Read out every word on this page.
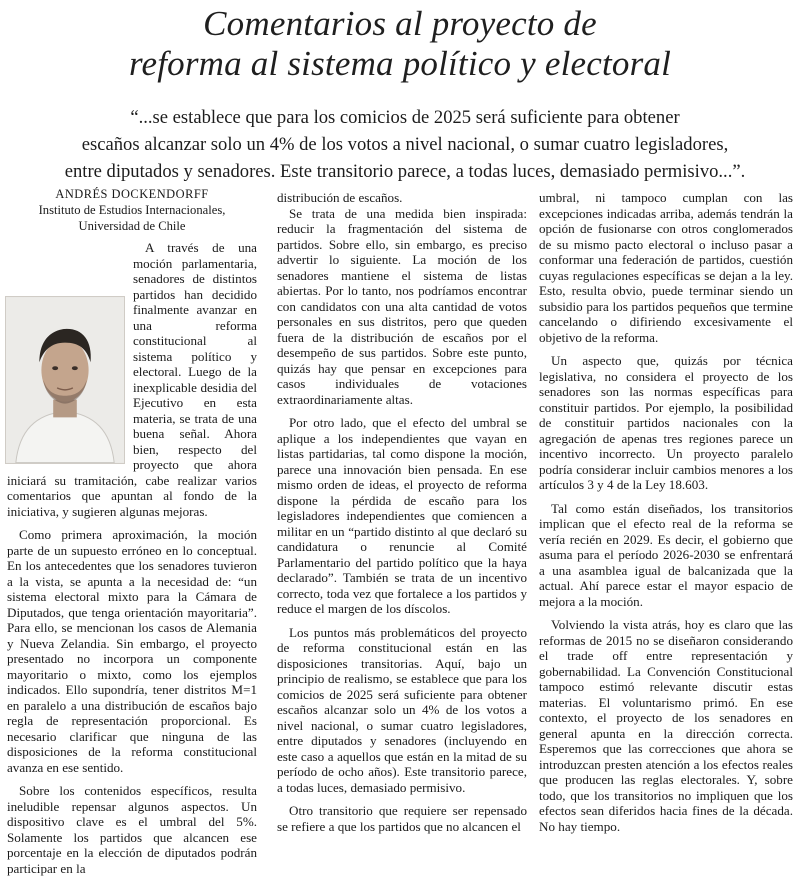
Comentarios al proyecto de
reforma al sistema político y electoral
“...se establece que para los comicios de 2025 será suficiente para obtener
escaños alcanzar solo un 4% de los votos a nivel nacional, o sumar cuatro legisladores,
entre diputados y senadores. Este transitorio parece, a todas luces, demasiado permisivo...”.
ANDRÉS DOCKENDORFF
Instituto de Estudios Internacionales,
Universidad de Chile

A través de una moción parlamentaria, senadores de distintos partidos han decidido finalmente avanzar en una reforma constitucional al sistema político y electoral. Luego de la inexplicable desidia del Ejecutivo en esta materia, se trata de una buena señal. Ahora bien, respecto del proyecto que ahora iniciará su tramitación, cabe realizar varios comentarios que apuntan al fondo de la iniciativa, y sugieren algunas mejoras.

Como primera aproximación, la moción parte de un supuesto erróneo en lo conceptual. En los antecedentes que los senadores tuvieron a la vista, se apunta a la necesidad de: “un sistema electoral mixto para la Cámara de Diputados, que tenga orientación mayoritaria”. Para ello, se mencionan los casos de Alemania y Nueva Zelandia. Sin embargo, el proyecto presentado no incorpora un componente mayoritario o mixto, como los ejemplos indicados. Ello supondría, tener distritos M=1 en paralelo a una distribución de escaños bajo regla de representación proporcional. Es necesario clarificar que ninguna de las disposiciones de la reforma constitucional avanza en ese sentido.

Sobre los contenidos específicos, resulta ineludible repensar algunos aspectos. Un dispositivo clave es el umbral del 5%. Solamente los partidos que alcancen ese porcentaje en la elección de diputados podrán participar en la

distribución de escaños.

Se trata de una medida bien inspirada: reducir la fragmentación del sistema de partidos. Sobre ello, sin embargo, es preciso advertir lo siguiente. La moción de los senadores mantiene el sistema de listas abiertas. Por lo tanto, nos podríamos encontrar con candidatos con una alta cantidad de votos personales en sus distritos, pero que queden fuera de la distribución de escaños por el desempeño de sus partidos. Sobre este punto, quizás hay que pensar en excepciones para casos individuales de votaciones extraordinariamente altas.

Por otro lado, que el efecto del umbral se aplique a los independientes que vayan en listas partidarias, tal como dispone la moción, parece una innovación bien pensada. En ese mismo orden de ideas, el proyecto de reforma dispone la pérdida de escaño para los legisladores independientes que comiencen a militar en un “partido distinto al que declaró su candidatura o renuncie al Comité Parlamentario del partido político que la haya declarado”. También se trata de un incentivo correcto, toda vez que fortalece a los partidos y reduce el margen de los díscolos.

Los puntos más problemáticos del proyecto de reforma constitucional están en las disposiciones transitorias. Aquí, bajo un principio de realismo, se establece que para los comicios de 2025 será suficiente para obtener escaños alcanzar solo un 4% de los votos a nivel nacional, o sumar cuatro legisladores, entre diputados y senadores (incluyendo en este caso a aquellos que están en la mitad de su período de ocho años). Este transitorio parece, a todas luces, demasiado permisivo.

Otro transitorio que requiere ser repensado se refiere a que los partidos que no alcancen el

umbral, ni tampoco cumplan con las excepciones indicadas arriba, además tendrán la opción de fusionarse con otros conglomerados de su mismo pacto electoral o incluso pasar a conformar una federación de partidos, cuestión cuyas regulaciones específicas se dejan a la ley. Esto, resulta obvio, puede terminar siendo un subsidio para los partidos pequeños que termine cancelando o difiriendo excesivamente el objetivo de la reforma.

Un aspecto que, quizás por técnica legislativa, no considera el proyecto de los senadores son las normas específicas para constituir partidos. Por ejemplo, la posibilidad de constituir partidos nacionales con la agregación de apenas tres regiones parece un incentivo incorrecto. Un proyecto paralelo podría considerar incluir cambios menores a los artículos 3 y 4 de la Ley 18.603.

Tal como están diseñados, los transitorios implican que el efecto real de la reforma se vería recién en 2029. Es decir, el gobierno que asuma para el período 2026-2030 se enfrentará a una asamblea igual de balcanizada que la actual. Ahí parece estar el mayor espacio de mejora a la moción.

Volviendo la vista atrás, hoy es claro que las reformas de 2015 no se diseñaron considerando el trade off entre representación y gobernabilidad. La Convención Constitucional tampoco estimó relevante discutir estas materias. El voluntarismo primó. En ese contexto, el proyecto de los senadores en general apunta en la dirección correcta. Esperemos que las correcciones que ahora se introduzcan presten atención a los efectos reales que producen las reglas electorales. Y, sobre todo, que los transitorios no impliquen que los efectos sean diferidos hacia fines de la década. No hay tiempo.
